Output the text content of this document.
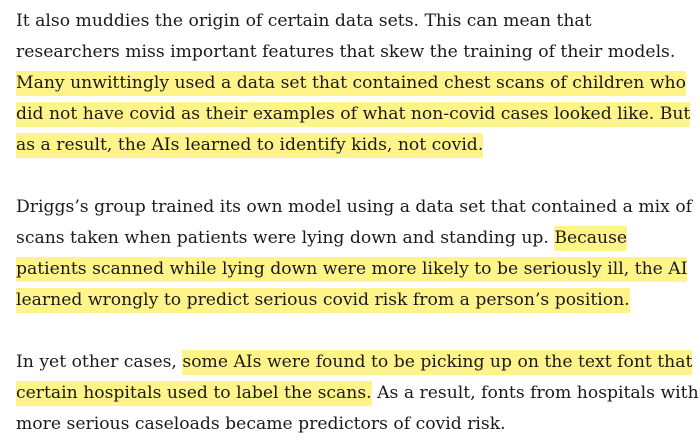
It also muddies the origin of certain data sets. This can mean that researchers miss important features that skew the training of their models. Many unwittingly used a data set that contained chest scans of children who did not have covid as their examples of what non-covid cases looked like. But as a result, the AIs learned to identify kids, not covid.

Driggs’s group trained its own model using a data set that contained a mix of scans taken when patients were lying down and standing up. Because patients scanned while lying down were more likely to be seriously ill, the AI learned wrongly to predict serious covid risk from a person’s position.

In yet other cases, some AIs were found to be picking up on the text font that certain hospitals used to label the scans. As a result, fonts from hospitals with more serious caseloads became predictors of covid risk.
